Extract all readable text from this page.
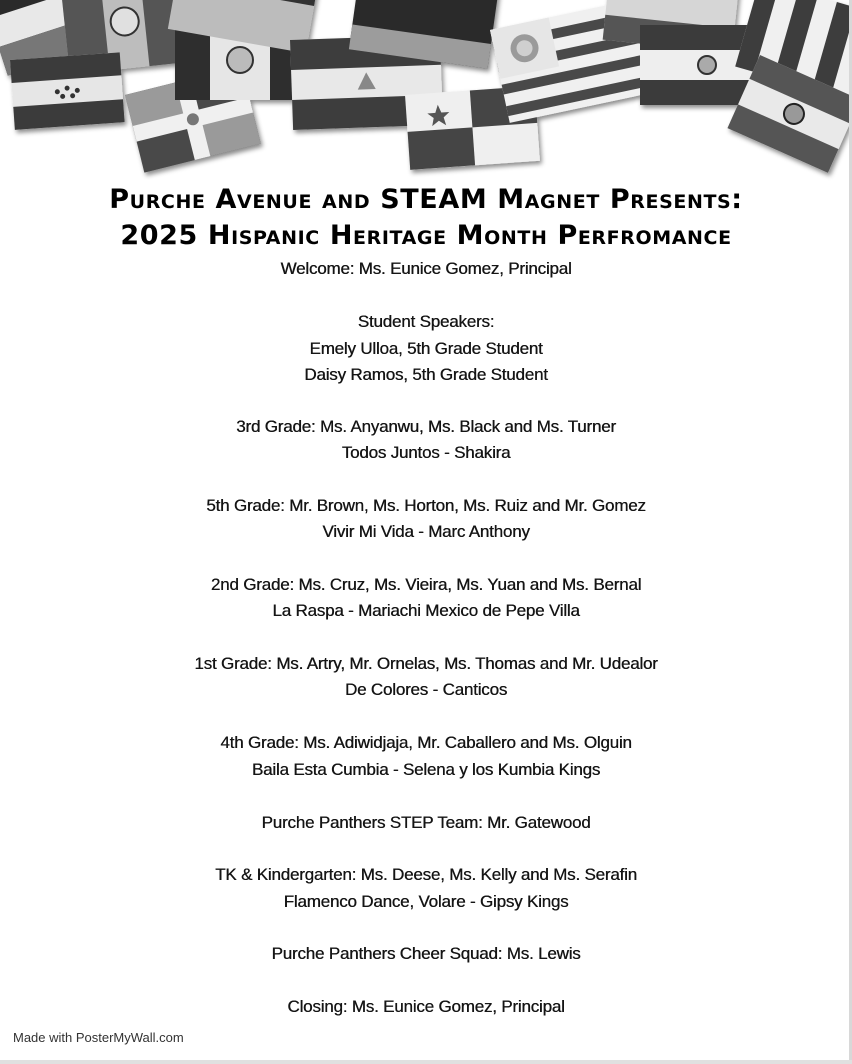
Purche Avenue and STEAM Magnet Presents:
2025 Hispanic Heritage Month Perfromance
Welcome: Ms. Eunice Gomez, Principal
Student Speakers:
Emely Ulloa, 5th Grade Student
Daisy Ramos, 5th Grade Student
3rd Grade: Ms. Anyanwu, Ms. Black and Ms. Turner
Todos Juntos - Shakira
5th Grade: Mr. Brown, Ms. Horton, Ms. Ruiz and Mr. Gomez
Vivir Mi Vida - Marc Anthony
2nd Grade: Ms. Cruz, Ms. Vieira, Ms. Yuan and Ms. Bernal
La Raspa - Mariachi Mexico de Pepe Villa
1st Grade: Ms. Artry, Mr. Ornelas, Ms. Thomas and Mr. Udealor
De Colores - Canticos
4th Grade: Ms. Adiwidjaja, Mr. Caballero and Ms. Olguin
Baila Esta Cumbia - Selena y los Kumbia Kings
Purche Panthers STEP Team: Mr. Gatewood
TK & Kindergarten: Ms. Deese, Ms. Kelly and Ms. Serafin
Flamenco Dance, Volare - Gipsy Kings
Purche Panthers Cheer Squad: Ms. Lewis
Closing: Ms. Eunice Gomez, Principal
Made with PosterMyWall.com
